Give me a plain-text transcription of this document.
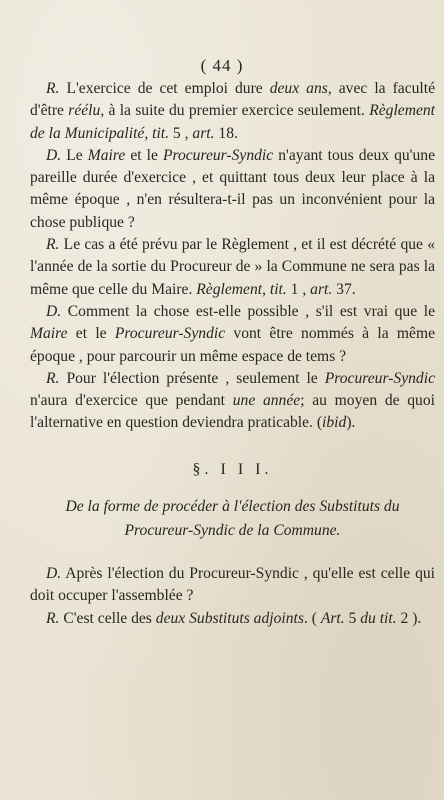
( 44 )

R. L'exercice de cet emploi dure deux ans, avec la faculté d'être réélu, à la suite du premier exercice seulement. Règlement de la Municipalité, tit. 5 , art. 18.

D. Le Maire et le Procureur-Syndic n'ayant tous deux qu'une pareille durée d'exercice , et quittant tous deux leur place à la même époque , n'en résultera-t-il pas un inconvénient pour la chose publique ?

R. Le cas a été prévu par le Règlement , et il est décrété que « l'année de la sortie du Procureur de » la Commune ne sera pas la même que celle du Maire. Règlement, tit. 1 , art. 37.

D. Comment la chose est-elle possible , s'il est vrai que le Maire et le Procureur-Syndic vont être nommés à la même époque , pour parcourir un même espace de tems ?

R. Pour l'élection présente , seulement le Procureur-Syndic n'aura d'exercice que pendant une année; au moyen de quoi l'alternative en question deviendra praticable. (ibid).

§. I I I.
De la forme de procéder à l'élection des Substituts du Procureur-Syndic de la Commune.

D. Après l'élection du Procureur-Syndic , qu'elle est celle qui doit occuper l'assemblée ?

R. C'est celle des deux Substituts adjoints. ( Art. 5 du tit. 2 ).
